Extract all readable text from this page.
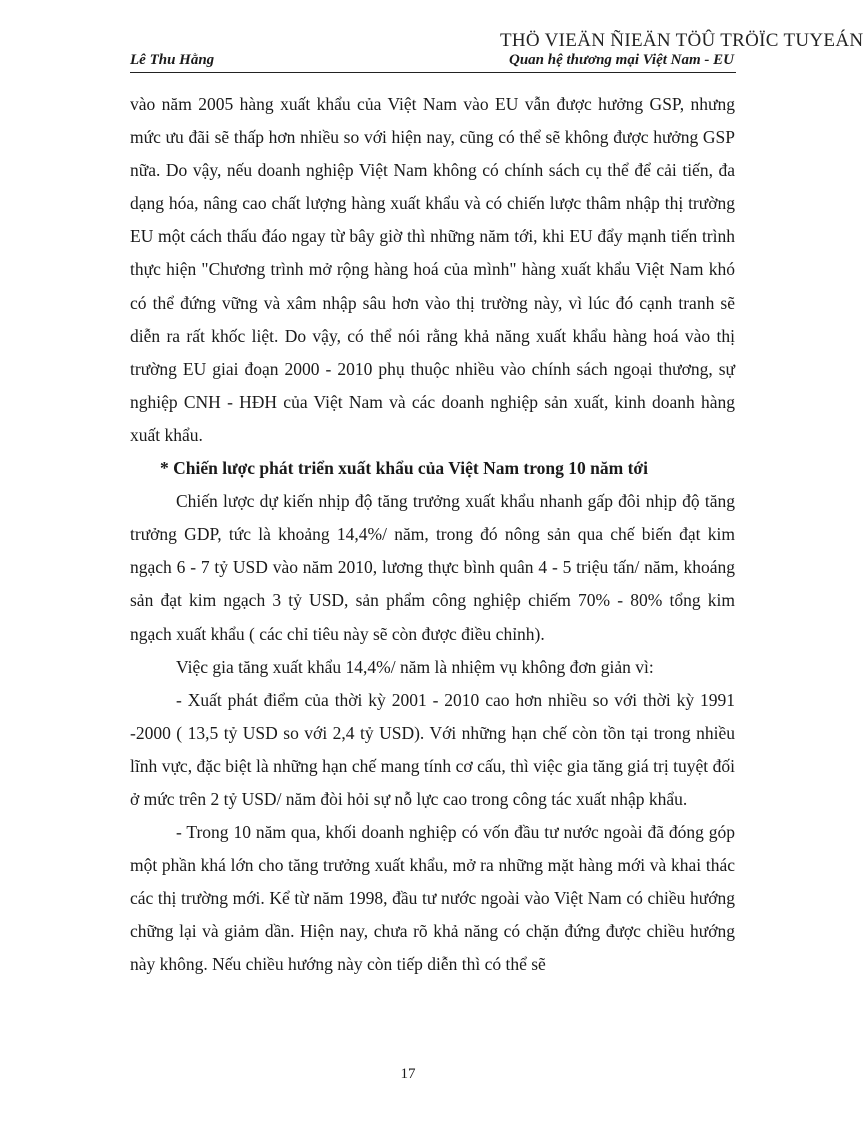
THÖ VIEÄN ÑIEÄN TÖÛ TRÖÏC TUYEÁN
Lê Thu Hằng	Quan hệ thương mại Việt Nam - EU

vào năm 2005 hàng xuất khẩu của Việt Nam vào EU vẫn được hưởng GSP, nhưng mức ưu đãi sẽ thấp hơn nhiều so với hiện nay, cũng có thể sẽ không được hưởng GSP nữa. Do vậy, nếu doanh nghiệp Việt Nam không có chính sách cụ thể để cải tiến, đa dạng hóa, nâng cao chất lượng hàng xuất khẩu và có chiến lược thâm nhập thị trường EU một cách thấu đáo ngay từ bây giờ thì những năm tới, khi EU đẩy mạnh tiến trình thực hiện "Chương trình mở rộng hàng hoá của mình" hàng xuất khẩu Việt Nam khó có thể đứng vững và xâm nhập sâu hơn vào thị trường này, vì lúc đó cạnh tranh sẽ diễn ra rất khốc liệt. Do vậy, có thể nói rằng khả năng xuất khẩu hàng hoá vào thị trường EU giai đoạn 2000 - 2010 phụ thuộc nhiều vào chính sách ngoại thương, sự nghiệp CNH - HĐH của Việt Nam và các doanh nghiệp sản xuất, kinh doanh hàng xuất khẩu.

* Chiến lược phát triển xuất khẩu của Việt Nam trong 10 năm tới

Chiến lược dự kiến nhịp độ tăng trưởng xuất khẩu nhanh gấp đôi nhịp độ tăng trưởng GDP, tức là khoảng 14,4%/ năm, trong đó nông sản qua chế biến đạt kim ngạch 6 - 7 tỷ USD vào năm 2010, lương thực bình quân 4 - 5 triệu tấn/ năm, khoáng sản đạt kim ngạch 3 tỷ USD, sản phẩm công nghiệp chiếm 70% - 80% tổng kim ngạch xuất khẩu ( các chỉ tiêu này sẽ còn được điều chỉnh).

Việc gia tăng xuất khẩu 14,4%/ năm là nhiệm vụ không đơn giản vì:

- Xuất phát điểm của thời kỳ 2001 - 2010 cao hơn nhiều so với thời kỳ 1991 -2000 ( 13,5 tỷ USD so với 2,4 tỷ USD). Với những hạn chế còn tồn tại trong nhiều lĩnh vực, đặc biệt là những hạn chế mang tính cơ cấu, thì việc gia tăng giá trị tuyệt đối ở mức trên 2 tỷ USD/ năm đòi hỏi sự nỗ lực cao trong công tác xuất nhập khẩu.

- Trong 10 năm qua, khối doanh nghiệp có vốn đầu tư nước ngoài đã đóng góp một phần khá lớn cho tăng trưởng xuất khẩu, mở ra những mặt hàng mới và khai thác các thị trường mới. Kể từ năm 1998, đầu tư nước ngoài vào Việt Nam có chiều hướng chững lại và giảm dần. Hiện nay, chưa rõ khả năng có chặn đứng được chiều hướng này không. Nếu chiều hướng này còn tiếp diễn thì có thể sẽ

17
